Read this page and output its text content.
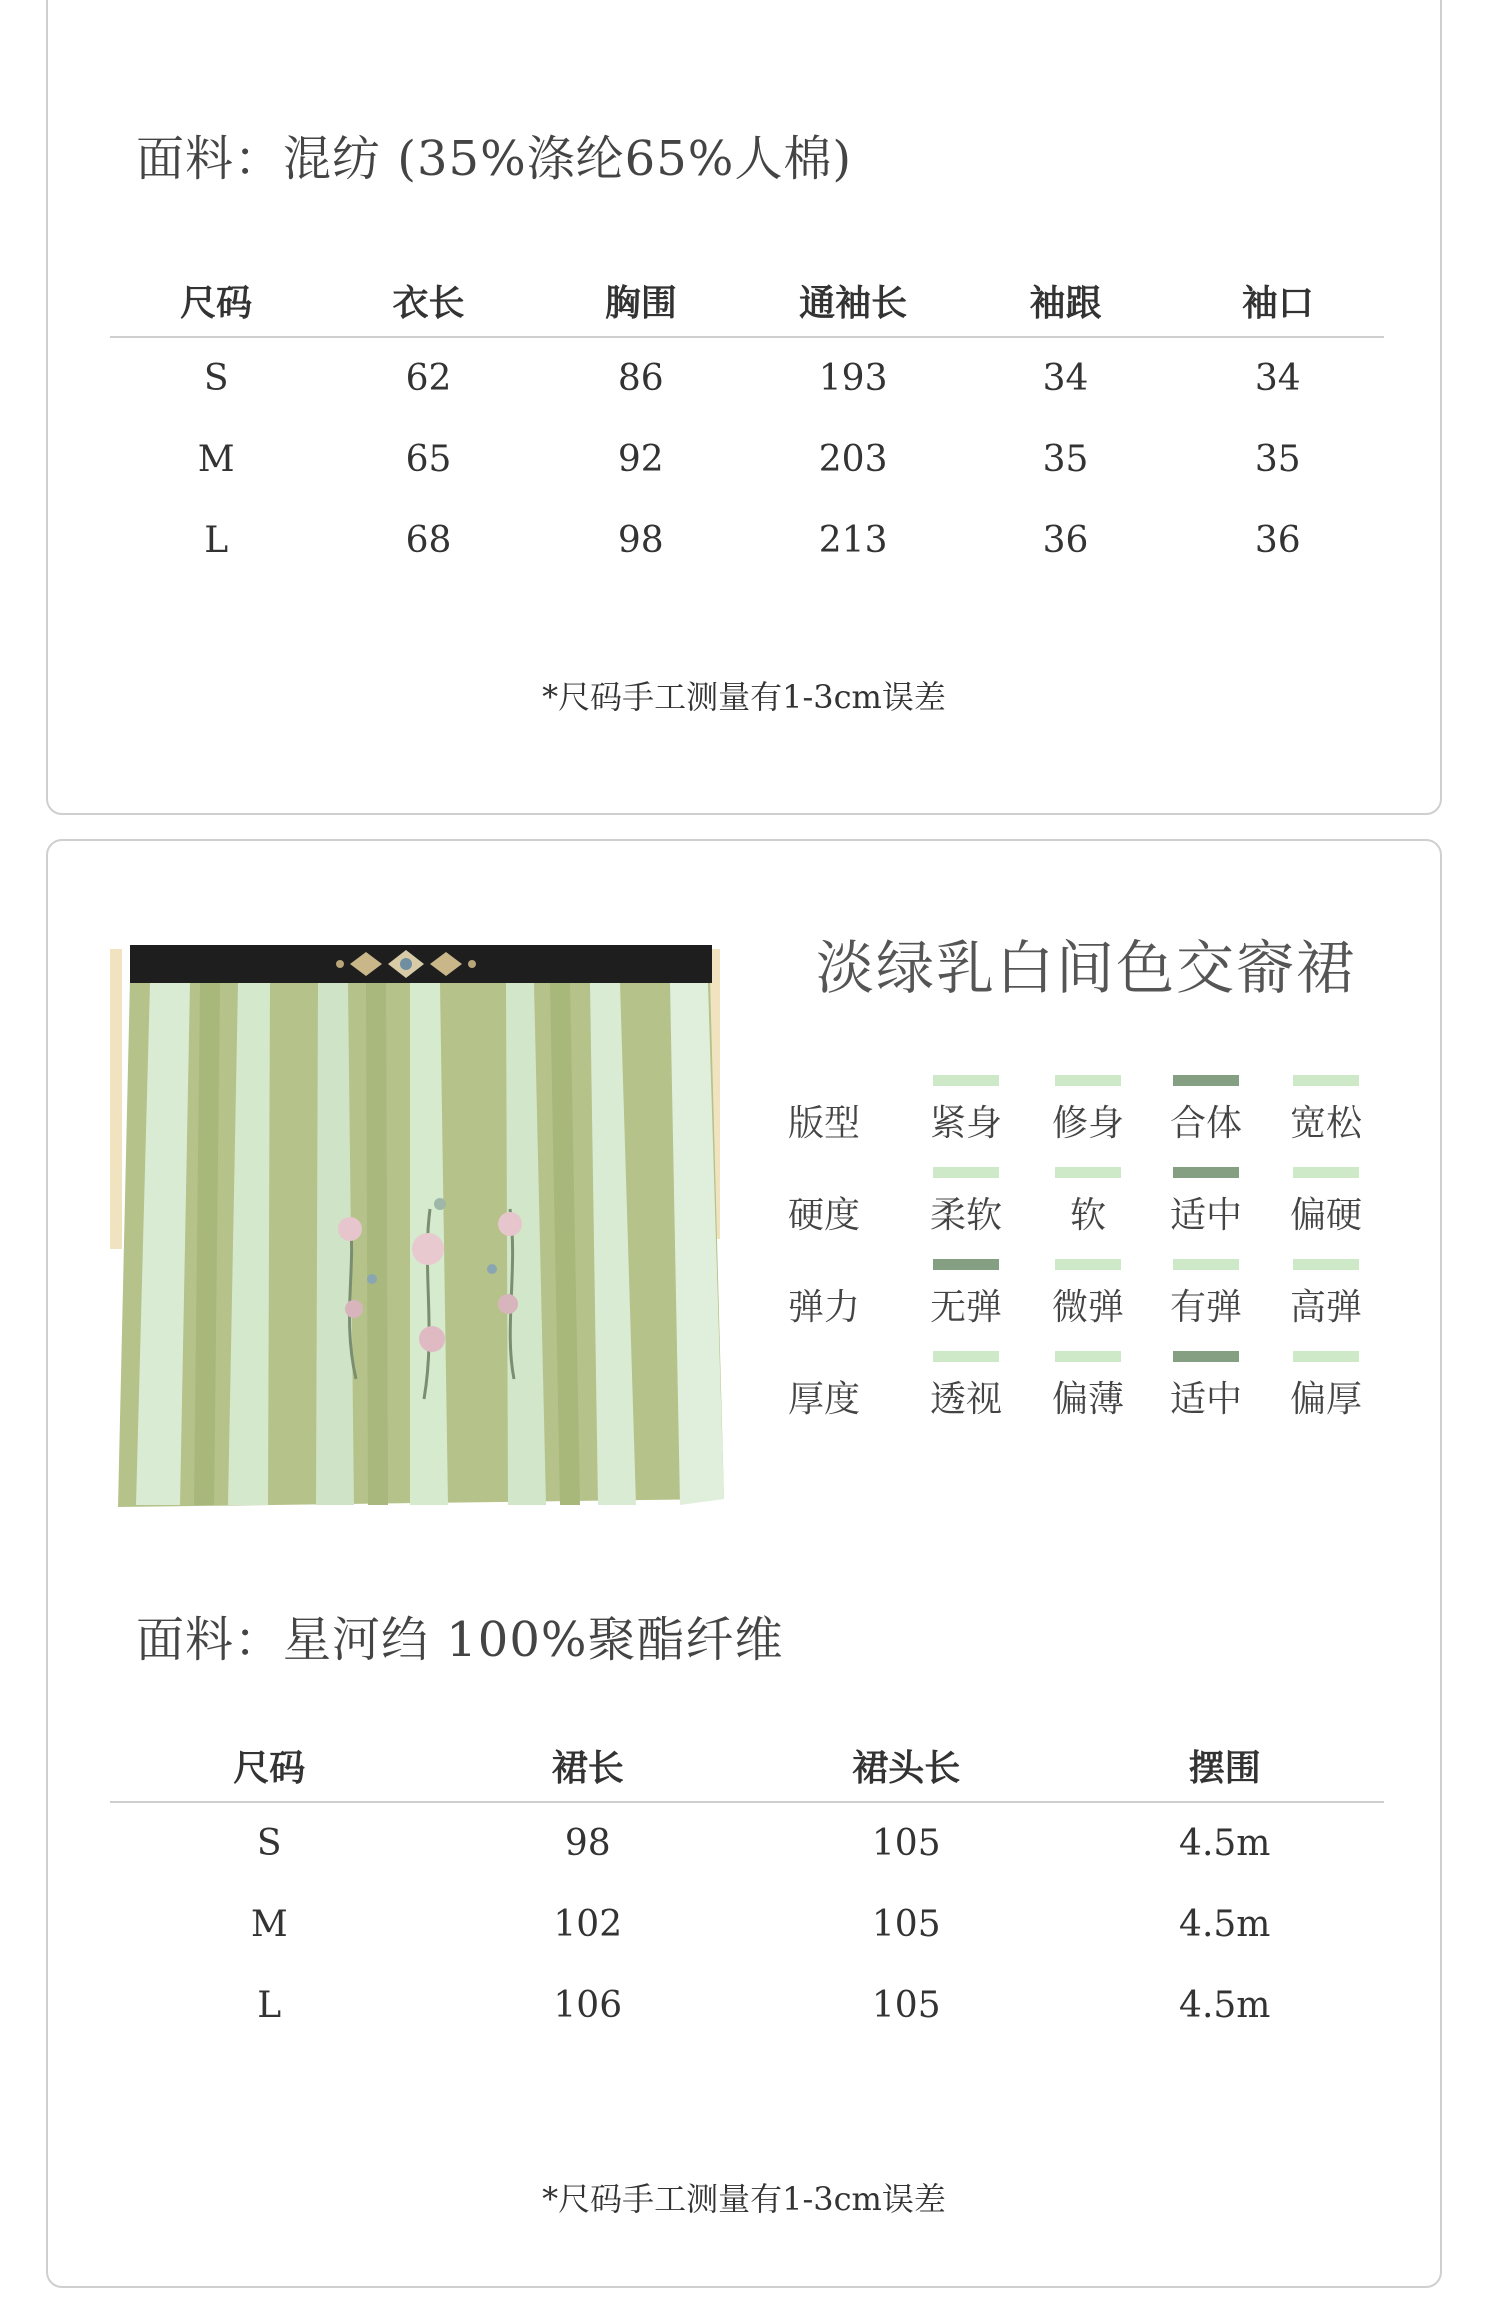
面料：混纺 (35%涤纶65%人棉)
尺码	衣长	胸围	通袖长	袖跟	袖口
S	62	86	193	34	34
M	65	92	203	35	35
L	68	98	213	36	36
*尺码手工测量有1-3cm误差
淡绿乳白间色交窬裙
版型	紧身	修身	合体	宽松
硬度	柔软	软	适中	偏硬
弹力	无弹	微弹	有弹	高弹
厚度	透视	偏薄	适中	偏厚
面料：星河绉 100%聚酯纤维
尺码	裙长	裙头长	摆围
S	98	105	4.5m
M	102	105	4.5m
L	106	105	4.5m
*尺码手工测量有1-3cm误差
